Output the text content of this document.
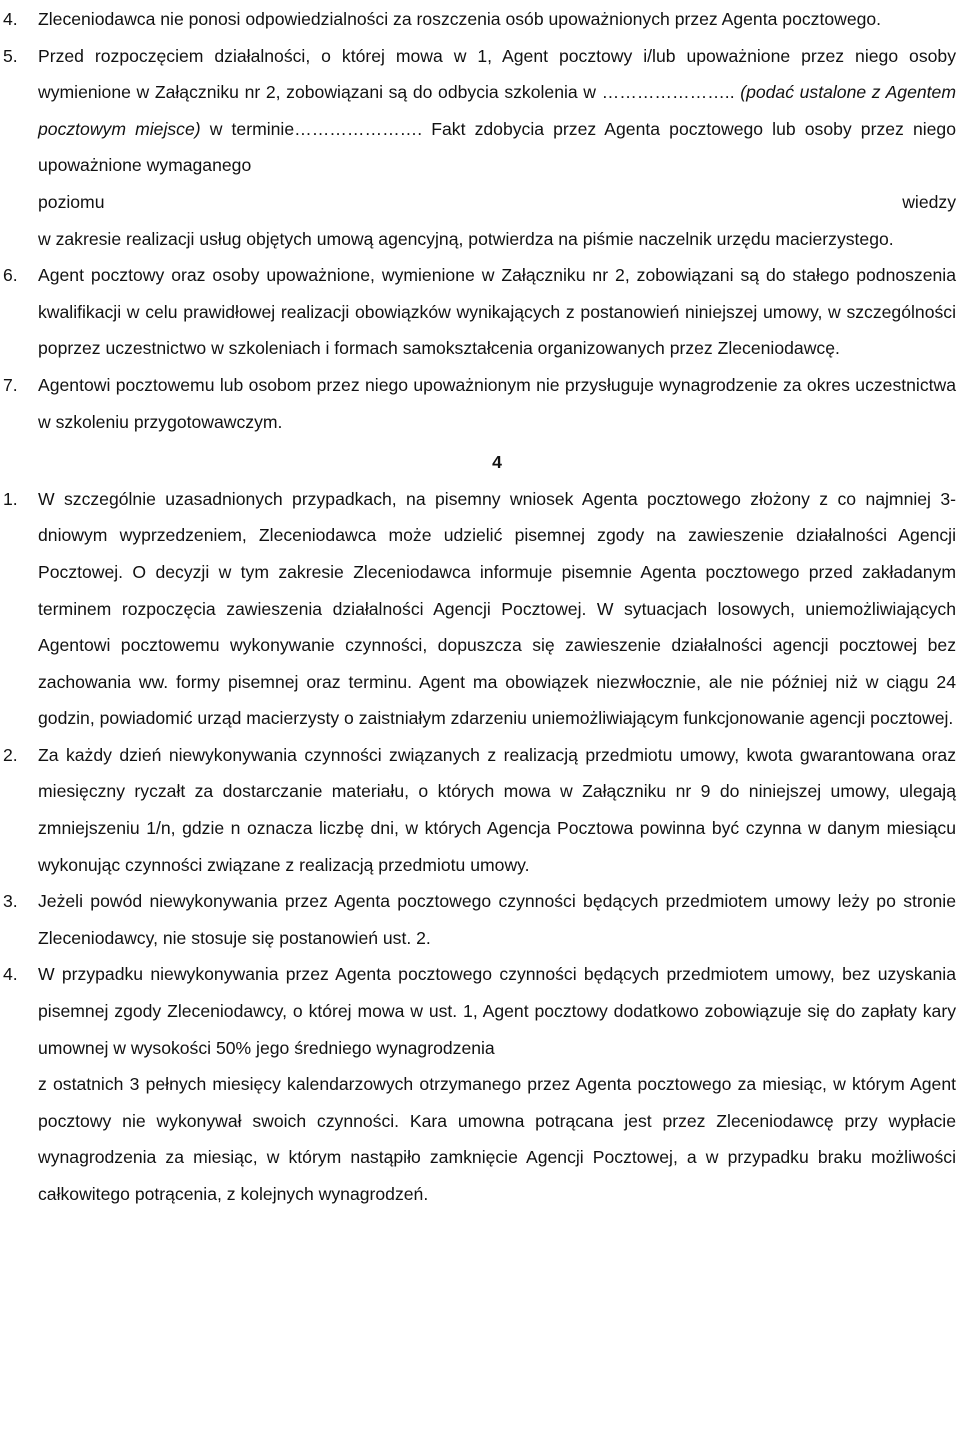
4.	Zleceniodawca nie ponosi odpowiedzialności za roszczenia osób upoważnionych przez Agenta pocztowego.

5.	Przed rozpoczęciem działalności, o której mowa w 1, Agent pocztowy i/lub upoważnione przez niego osoby wymienione w Załączniku nr 2, zobowiązani są do odbycia szkolenia w ………………….. (podać ustalone z Agentem pocztowym miejsce) w terminie…………………. Fakt zdobycia przez Agenta pocztowego lub osoby przez niego upoważnione wymaganego

poziomu	wiedzy

w zakresie realizacji usług objętych umową agencyjną, potwierdza na piśmie naczelnik urzędu macierzystego.

6.	Agent pocztowy oraz osoby upoważnione, wymienione w Załączniku nr 2, zobowiązani są do stałego podnoszenia kwalifikacji w celu prawidłowej realizacji obowiązków wynikających z postanowień niniejszej umowy, w szczególności poprzez uczestnictwo w szkoleniach i formach samokształcenia organizowanych przez Zleceniodawcę.

7.	Agentowi pocztowemu lub osobom przez niego upoważnionym nie przysługuje wynagrodzenie za okres uczestnictwa w szkoleniu przygotowawczym.

4
1.	W szczególnie uzasadnionych przypadkach, na pisemny wniosek Agenta pocztowego złożony z co najmniej 3-dniowym wyprzedzeniem, Zleceniodawca może udzielić pisemnej zgody na zawieszenie działalności Agencji Pocztowej. O decyzji w tym zakresie Zleceniodawca informuje pisemnie Agenta pocztowego przed zakładanym terminem rozpoczęcia zawieszenia działalności Agencji Pocztowej. W sytuacjach losowych, uniemożliwiających Agentowi pocztowemu wykonywanie czynności, dopuszcza się zawieszenie działalności agencji pocztowej bez zachowania ww. formy pisemnej oraz terminu. Agent ma obowiązek niezwłocznie, ale nie później niż w ciągu 24 godzin, powiadomić urząd macierzysty o zaistniałym zdarzeniu uniemożliwiającym funkcjonowanie agencji pocztowej.

2.	Za każdy dzień niewykonywania czynności związanych z realizacją przedmiotu umowy, kwota gwarantowana oraz miesięczny ryczałt za dostarczanie materiału, o których mowa w Załączniku nr 9 do niniejszej umowy, ulegają zmniejszeniu 1/n, gdzie n oznacza liczbę dni, w których Agencja Pocztowa powinna być czynna w danym miesiącu wykonując czynności związane z realizacją przedmiotu umowy.

3.	Jeżeli powód niewykonywania przez Agenta pocztowego czynności będących przedmiotem umowy leży po stronie Zleceniodawcy, nie stosuje się postanowień ust. 2.

4.	W przypadku niewykonywania przez Agenta pocztowego czynności będących przedmiotem umowy, bez uzyskania pisemnej zgody Zleceniodawcy, o której mowa w ust. 1, Agent pocztowy dodatkowo zobowiązuje się do zapłaty kary umownej w wysokości 50% jego średniego wynagrodzenia

z ostatnich 3 pełnych miesięcy kalendarzowych otrzymanego przez Agenta pocztowego za miesiąc, w którym Agent pocztowy nie wykonywał swoich czynności. Kara umowna potrącana jest przez Zleceniodawcę przy wypłacie wynagrodzenia za miesiąc, w którym nastąpiło zamknięcie Agencji Pocztowej, a w przypadku braku możliwości całkowitego potrącenia, z kolejnych wynagrodzeń.
